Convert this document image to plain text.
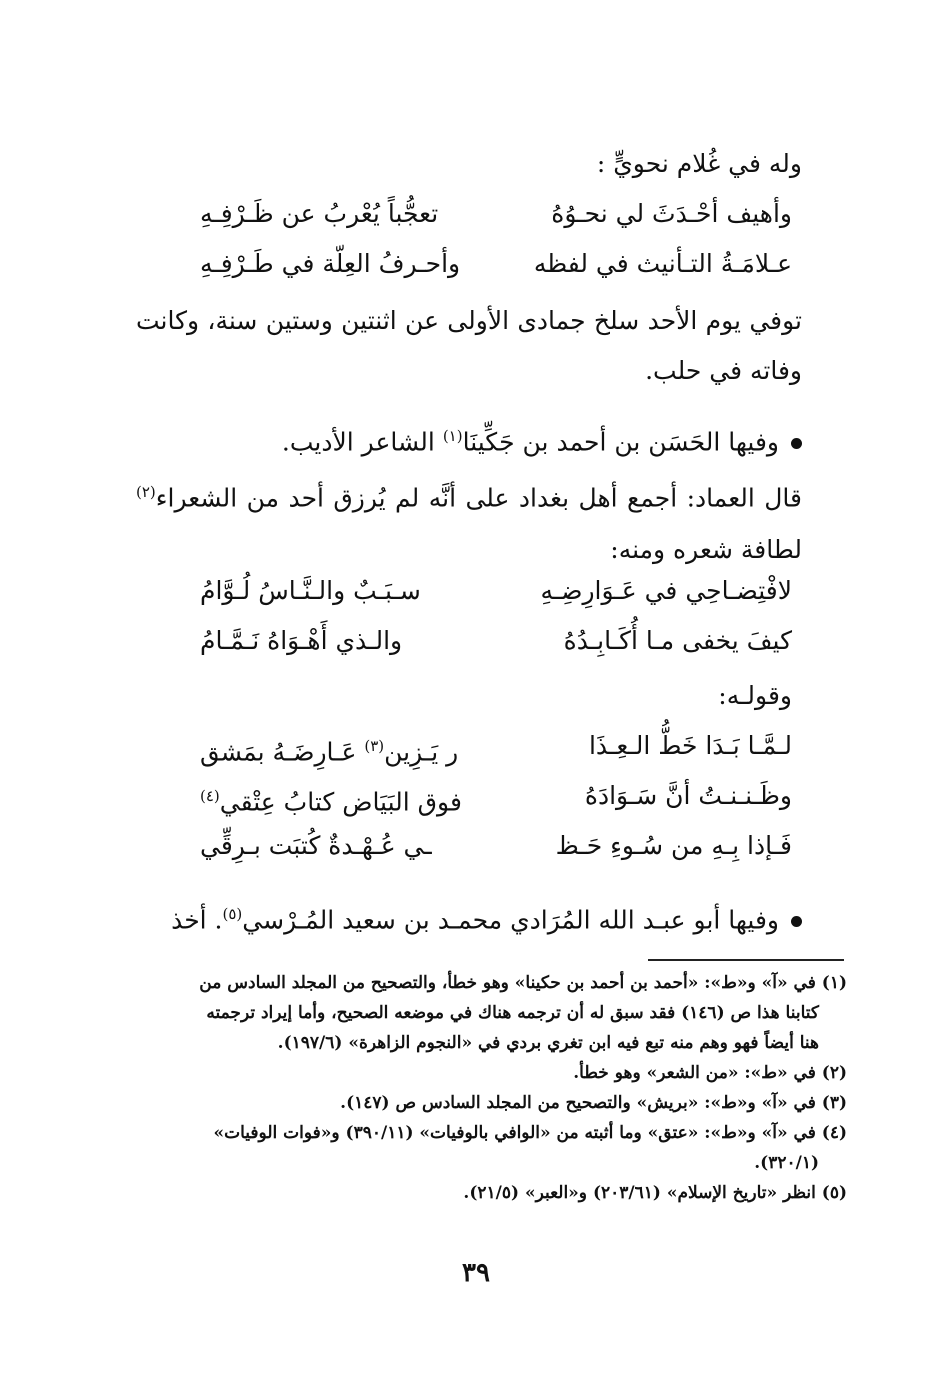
وله في غُلام نحويٍّ :
وأهيف أحْـدَثَ لي نحـوُهُ
تعجُّباً يُعْربُ عن ظَـرْفِـهِ
عـلامَـةُ التـأنيث في لفظه
وأحـرفُ العِلّة في طَـرْفِـهِ
توفي يوم الأحد سلخ جمادى الأولى عن اثنتين وستين سنة، وكانت وفاته في حلب.
وفيها الحَسَن بن أحمد بن جَكِّينَا$^{(١)}$ الشاعر الأديب.
قال العماد: أجمع أهل بغداد على أنَّه لم يُرزق أحد من الشعراء$^{(٢)}$ لطافة شعره ومنه:
لافْتِضـاحِي في عَـوَارِضِـهِ
سـبَـبٌ والـنَّـاسُ لُـوَّامُ
كيفَ يخفى مـا أُكَـابِـدُهُ
والـذي أَهْـوَاهُ نَـمَّـامُ
وقولـه:
لـمَّـا بَـدَا خَطُّ الـعِـذَا
ر يَـزِين$^{(٣)}$ عَـارِضَـهُ بمَشق
وظَـنـنـتُ أنَّ سَـوَادَهُ
فوق البَيَاض كتابُ عِتْقي$^{(٤)}$
فَـإذا بِـهِ من سُـوءِ حَـظ
ـي عُـهْـدةٌ كُتبَت بـرِقِّي
وفيها أبو عبـد الله المُرَادي محمـد بن سعيد المُـرْسي$^{(٥)}$. أخذ

(١) في «آ» و«ط»: «أحمد بن أحمد بن حكينا» وهو خطأ، والتصحيح من المجلد السادس من

كتابنا هذا ص (١٤٦) فقد سبق له أن ترجمه هناك في موضعه الصحيح، وأما إيراد ترجمته

هنا أيضاً فهو وهم منه تبع فيه ابن تغري بردي في «النجوم الزاهرة» (١٩٧/٦).

(٢) في «ط»: «من الشعر» وهو خطأ.

(٣) في «آ» و«ط»: «بريش» والتصحيح من المجلد السادس ص (١٤٧).

(٤) في «آ» و«ط»: «عتق» وما أثبته من «الوافي بالوفيات» (٣٩٠/١١) و«فوات الوفيات»

(٣٢٠/١).

(٥) انظر «تاريخ الإسلام» (٢٠٣/٦١) و«العبر» (٢١/٥).

٣٩
